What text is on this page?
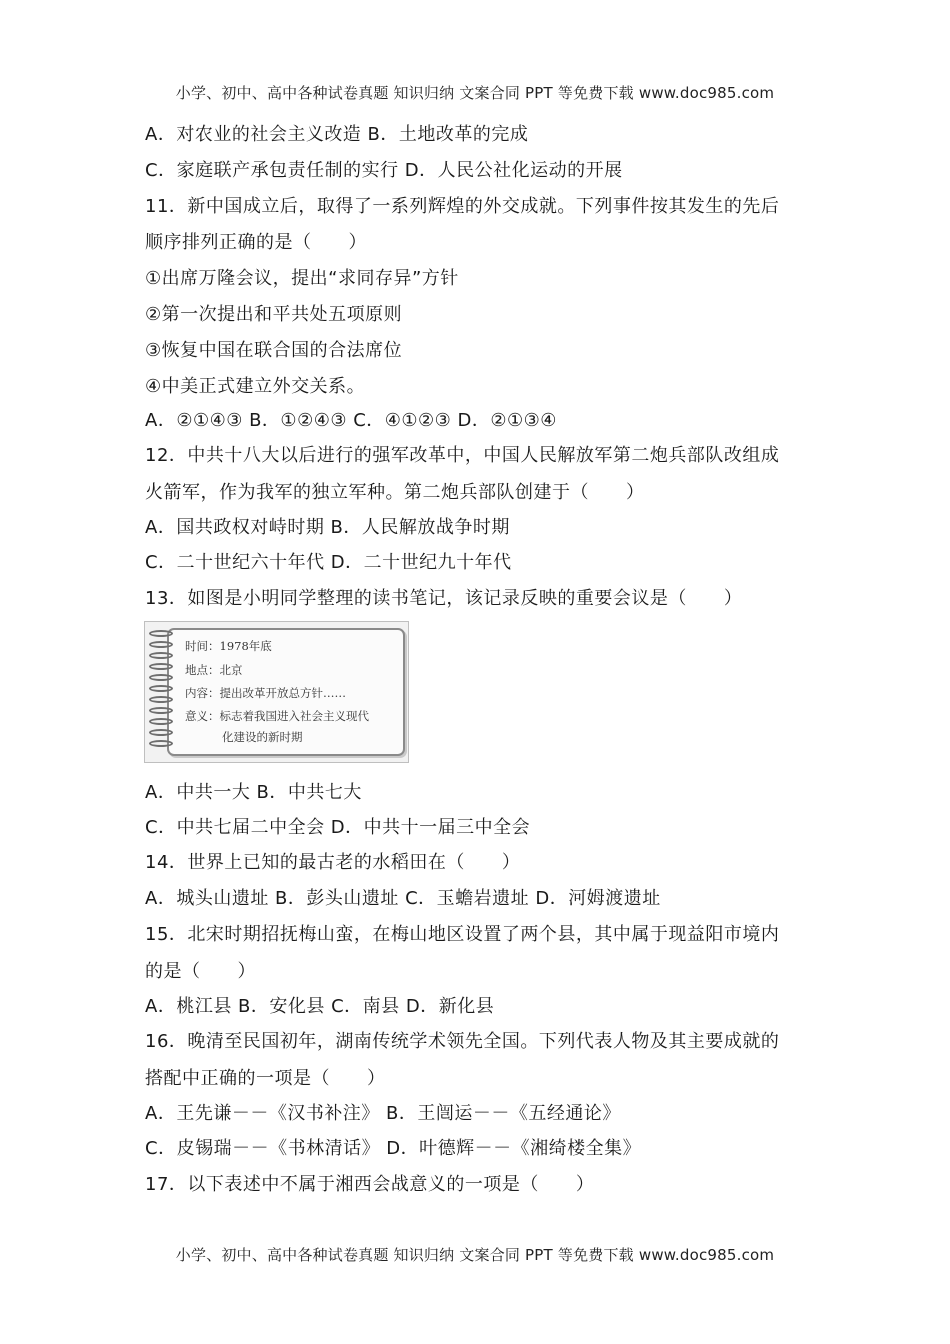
小学、初中、高中各种试卷真题 知识归纳 文案合同 PPT 等免费下载 www.doc985.com
A．对农业的社会主义改造 B．土地改革的完成
C．家庭联产承包责任制的实行 D．人民公社化运动的开展
11．新中国成立后，取得了一系列辉煌的外交成就。下列事件按其发生的先后
顺序排列正确的是（　　）
①出席万隆会议，提出“求同存异”方针
②第一次提出和平共处五项原则
③恢复中国在联合国的合法席位
④中美正式建立外交关系。
A．②①④③ B．①②④③ C．④①②③ D．②①③④
12．中共十八大以后进行的强军改革中，中国人民解放军第二炮兵部队改组成
火箭军，作为我军的独立军种。第二炮兵部队创建于（　　）
A．国共政权对峙时期 B．人民解放战争时期
C．二十世纪六十年代 D．二十世纪九十年代
13．如图是小明同学整理的读书笔记，该记录反映的重要会议是（　　）
时间：1978年底
地点：北京
内容：提出改革开放总方针……
意义：标志着我国进入社会主义现代
化建设的新时期
A．中共一大 B．中共七大
C．中共七届二中全会 D．中共十一届三中全会
14．世界上已知的最古老的水稻田在（　　）
A．城头山遗址 B．彭头山遗址 C．玉蟾岩遗址 D．河姆渡遗址
15．北宋时期招抚梅山蛮，在梅山地区设置了两个县，其中属于现益阳市境内
的是（　　）
A．桃江县 B．安化县 C．南县 D．新化县
16．晚清至民国初年，湖南传统学术领先全国。下列代表人物及其主要成就的
搭配中正确的一项是（　　）
A．王先谦－－《汉书补注》 B．王闿运－－《五经通论》
C．皮锡瑞－－《书林清话》 D．叶德辉－－《湘绮楼全集》
17．以下表述中不属于湘西会战意义的一项是（　　）
小学、初中、高中各种试卷真题 知识归纳 文案合同 PPT 等免费下载 www.doc985.com
